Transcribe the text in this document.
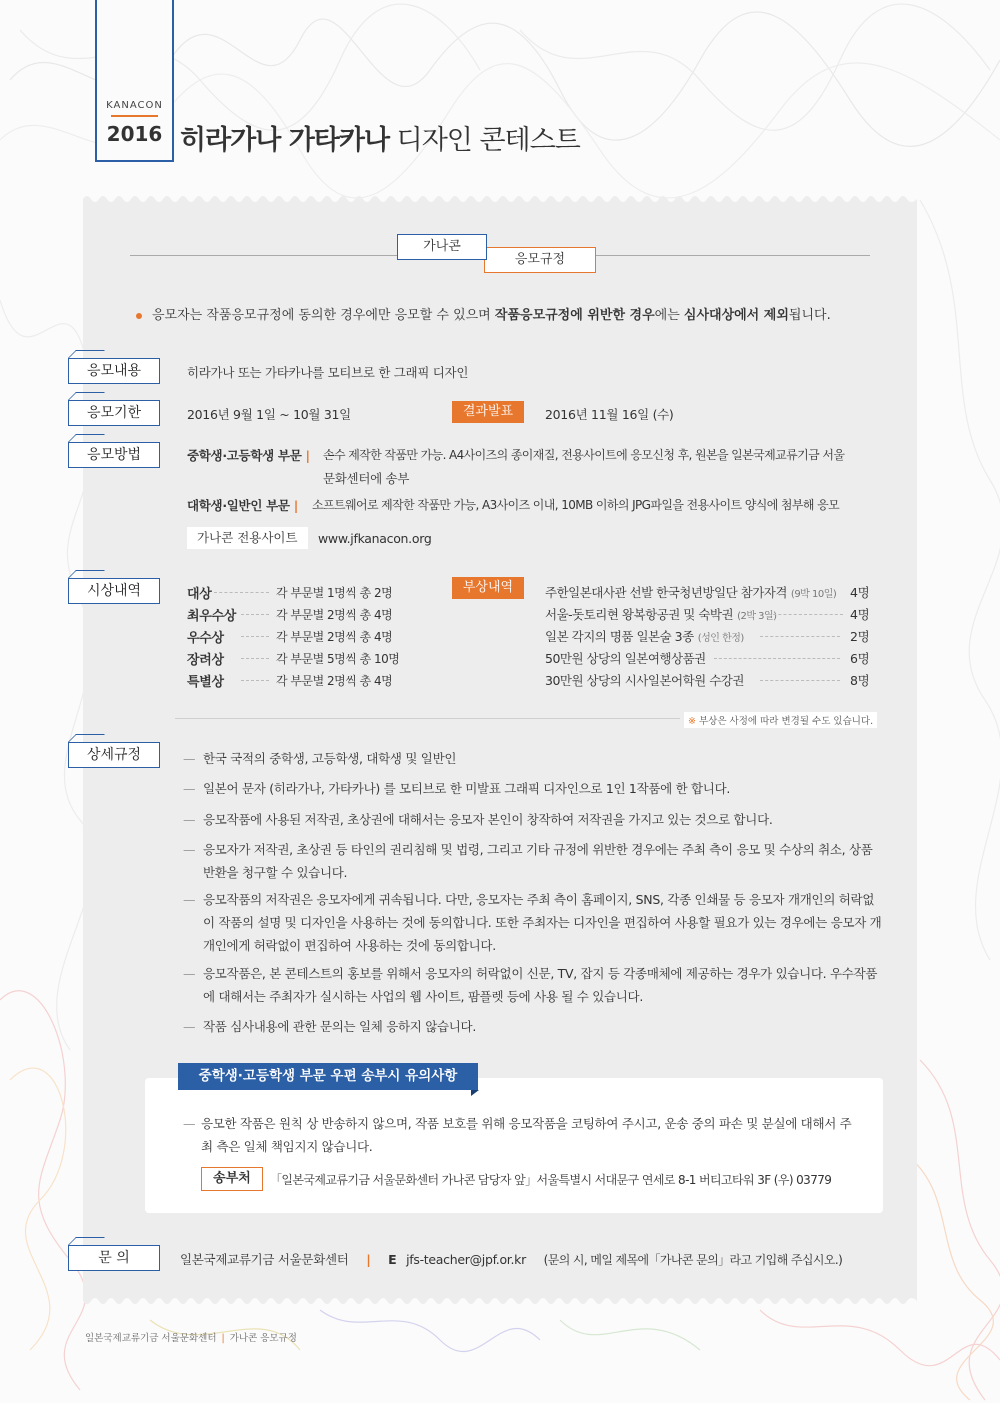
KANACON
2016 히라가나 가타카나 디자인 콘테스트
응모규정
가나콘
응모자는 작품응모규정에 동의한 경우에만 응모할 수 있으며 작품응모규정에 위반한 경우에는 심사대상에서 제외됩니다.
응모내용	히라가나 또는 가타카나를 모티브로 한 그래픽 디자인
응모기한	2016년 9월 1일 ~ 10월 31일	결과발표	2016년 11월 16일 (수)
응모방법	중학생·고등학생 부문 |	손수 제작한 작품만 가능. A4사이즈의 종이재질, 전용사이트에 응모신청 후, 원본을 일본국제교류기금 서울
문화센터에 송부
대학생·일반인 부문 |	소프트웨어로 제작한 작품만 가능, A3사이즈 이내, 10MB 이하의 JPG파일을 전용사이트 양식에 첨부해 응모
가나콘 전용사이트	www.jfkanacon.org
시상내역	대상	각 부문별 1명씩 총 2명
최우수상	각 부문별 2명씩 총 4명
우수상	각 부문별 2명씩 총 4명
장려상	각 부문별 5명씩 총 10명
특별상	각 부문별 2명씩 총 4명
부상내역	주한일본대사관 선발 한국청년방일단 참가자격 (9박 10일) 4명
서울-돗토리현 왕복항공권 및 숙박권 (2박 3일)	4명
일본 각지의 명품 일본술 3종 (성인 한정)	2명
50만원 상당의 일본여행상품권	6명
30만원 상당의 시사일본어학원 수강권	8명
※ 부상은 사정에 따라 변경될 수도 있습니다.
상세규정	— 한국 국적의 중학생, 고등학생, 대학생 및 일반인
— 일본어 문자 (히라가나, 가타카나) 를 모티브로 한 미발표 그래픽 디자인으로 1인 1작품에 한 합니다.
— 응모작품에 사용된 저작권, 초상권에 대해서는 응모자 본인이 창작하여 저작권을 가지고 있는 것으로 합니다.
— 응모자가 저작권, 초상권 등 타인의 권리침해 및 법령, 그리고 기타 규정에 위반한 경우에는 주최 측이 응모 및 수상의 취소, 상품 반환을 청구할 수 있습니다.
— 응모작품의 저작권은 응모자에게 귀속됩니다. 다만, 응모자는 주최 측이 홈페이지, SNS, 각종 인쇄물 등 응모자 개개인의 허락없이 작품의 설명 및 디자인을 사용하는 것에 동의합니다. 또한 주최자는 디자인을 편집하여 사용할 필요가 있는 경우에는 응모자 개개인에게 허락없이 편집하여 사용하는 것에 동의합니다.
— 응모작품은, 본 콘테스트의 홍보를 위해서 응모자의 허락없이 신문, TV, 잡지 등 각종매체에 제공하는 경우가 있습니다. 우수작품에 대해서는 주최자가 실시하는 사업의 웹 사이트, 팜플렛 등에 사용 될 수 있습니다.
— 작품 심사내용에 관한 문의는 일체 응하지 않습니다.
중학생·고등학생 부문 우편 송부시 유의사항
— 응모한 작품은 원칙 상 반송하지 않으며, 작품 보호를 위해 응모작품을 코팅하여 주시고, 운송 중의 파손 및 분실에 대해서 주최 측은 일체 책임지지 않습니다.
송부처	「일본국제교류기금 서울문화센터 가나콘 담당자 앞」서울특별시 서대문구 연세로 8-1 버티고타워 3F (우) 03779
문 의	일본국제교류기금 서울문화센터 | E jfs-teacher@jpf.or.kr (문의 시, 메일 제목에「가나콘 문의」라고 기입해 주십시오.)
일본국제교류기금 서울문화센터 | 가나콘 응모규정
